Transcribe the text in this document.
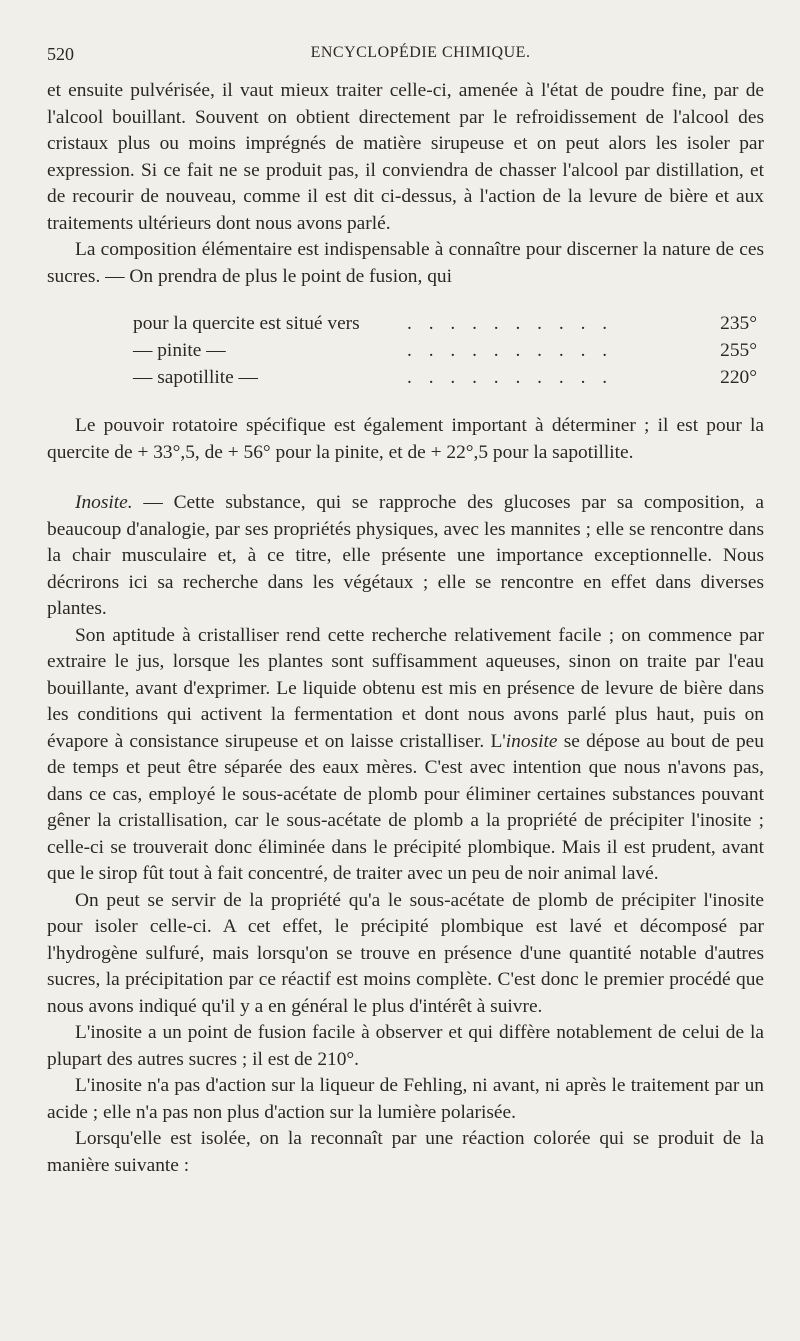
520	ENCYCLOPÉDIE CHIMIQUE.

et ensuite pulvérisée, il vaut mieux traiter celle-ci, amenée à l'état de poudre fine, par de l'alcool bouillant. Souvent on obtient directement par le refroidissement de l'alcool des cristaux plus ou moins imprégnés de matière sirupeuse et on peut alors les isoler par expression. Si ce fait ne se produit pas, il conviendra de chasser l'alcool par distillation, et de recourir de nouveau, comme il est dit ci-dessus, à l'action de la levure de bière et aux traitements ultérieurs dont nous avons parlé.

La composition élémentaire est indispensable à connaître pour discerner la nature de ces sucres. — On prendra de plus le point de fusion, qui

pour la quercite est situé vers . . . . . . . . . .	235°
— pinite —	. . . . . . . . . .	255°
— sapotillite —	. . . . . . . . . .	220°

Le pouvoir rotatoire spécifique est également important à déterminer ; il est pour la quercite de + 33°,5, de + 56° pour la pinite, et de + 22°,5 pour la sapotillite.

Inosite. — Cette substance, qui se rapproche des glucoses par sa composition, a beaucoup d'analogie, par ses propriétés physiques, avec les mannites ; elle se rencontre dans la chair musculaire et, à ce titre, elle présente une importance exceptionnelle. Nous décrirons ici sa recherche dans les végétaux ; elle se rencontre en effet dans diverses plantes.

Son aptitude à cristalliser rend cette recherche relativement facile ; on commence par extraire le jus, lorsque les plantes sont suffisamment aqueuses, sinon on traite par l'eau bouillante, avant d'exprimer. Le liquide obtenu est mis en présence de levure de bière dans les conditions qui activent la fermentation et dont nous avons parlé plus haut, puis on évapore à consistance sirupeuse et on laisse cristalliser. L'inosite se dépose au bout de peu de temps et peut être séparée des eaux mères. C'est avec intention que nous n'avons pas, dans ce cas, employé le sous-acétate de plomb pour éliminer certaines substances pouvant gêner la cristallisation, car le sous-acétate de plomb a la propriété de précipiter l'inosite ; celle-ci se trouverait donc éliminée dans le précipité plombique. Mais il est prudent, avant que le sirop fût tout à fait concentré, de traiter avec un peu de noir animal lavé.

On peut se servir de la propriété qu'a le sous-acétate de plomb de précipiter l'inosite pour isoler celle-ci. A cet effet, le précipité plombique est lavé et décomposé par l'hydrogène sulfuré, mais lorsqu'on se trouve en présence d'une quantité notable d'autres sucres, la précipitation par ce réactif est moins complète. C'est donc le premier procédé que nous avons indiqué qu'il y a en général le plus d'intérêt à suivre.

L'inosite a un point de fusion facile à observer et qui diffère notablement de celui de la plupart des autres sucres ; il est de 210°.

L'inosite n'a pas d'action sur la liqueur de Fehling, ni avant, ni après le traitement par un acide ; elle n'a pas non plus d'action sur la lumière polarisée.

Lorsqu'elle est isolée, on la reconnaît par une réaction colorée qui se produit de la manière suivante :
